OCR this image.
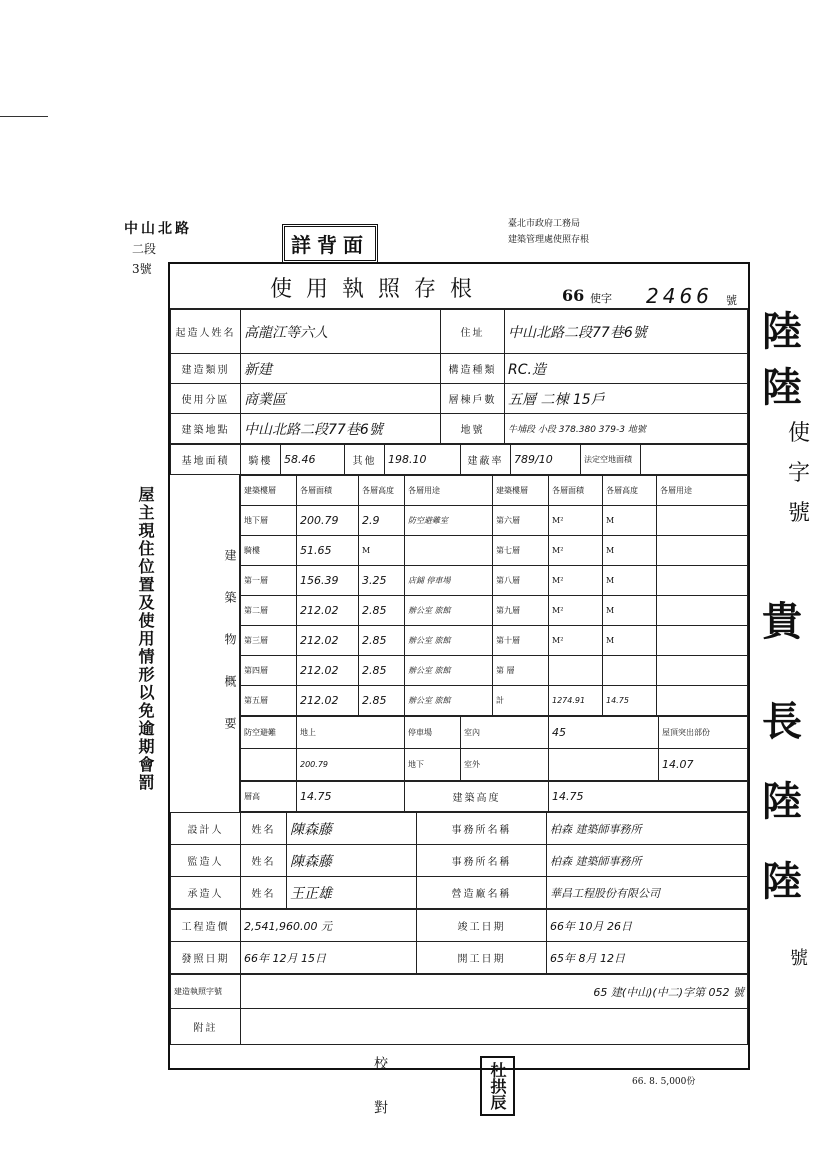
中山北路
二段
3號
詳背面
臺北市政府工務局
建築管理處使照存根
屋主現住位置及使用情形以免逾期會罰
使用執照存根	66 使字 2466 號
起造人姓名	高龍江等六人	住址	中山北路二段77巷6號
建造類別	新建	構造種類	RC.造
使用分區	商業區	層棟戶數	五層 二棟 15戶
建築地點	中山北路二段77巷6號	地號	牛埔段 小段 378.380 379-3 地號
基地面積	騎樓	58.46	其他	198.10	建蔽率	789/10	法定空地面積	
建築物概要
建築樓層	各層面積	各層高度	各層用途	建築樓層	各層面積	各層高度	各層用途
地下層	200.79	2.9	防空避難室	第六層	M²	M	
騎樓	51.65	M		第七層	M²	M	
第一層	156.39	3.25	店鋪 停車場	第八層	M²	M	
第二層	212.02	2.85	辦公室 旅館	第九層	M²	M	
第三層	212.02	2.85	辦公室 旅館	第十層	M²	M	
第四層	212.02	2.85	辦公室 旅館	第 層			
第五層	212.02	2.85	辦公室 旅館	計	1274.91	14.75	
防空避難	地上	停車場	室內	45	屋頂突出部份
	200.79	地下	室外		14.07
層高	14.75	建築高度	14.75
設計人	姓名	陳森藤	事務所名稱	柏森 建築師事務所
監造人	姓名	陳森藤	事務所名稱	柏森 建築師事務所
承造人	姓名	王正雄	營造廠名稱	華昌工程股份有限公司
工程造價	2,541,960.00 元	竣工日期	66年 10月 26日
發照日期	66年 12月 15日	開工日期	65年 8月 12日
建造執照字號	65 建(中山)(中二)字第 052 號
附註	
校對	杜拱辰	66. 8. 5,000份
陸
陸
使
字
號
貴
長
陸
陸
號
